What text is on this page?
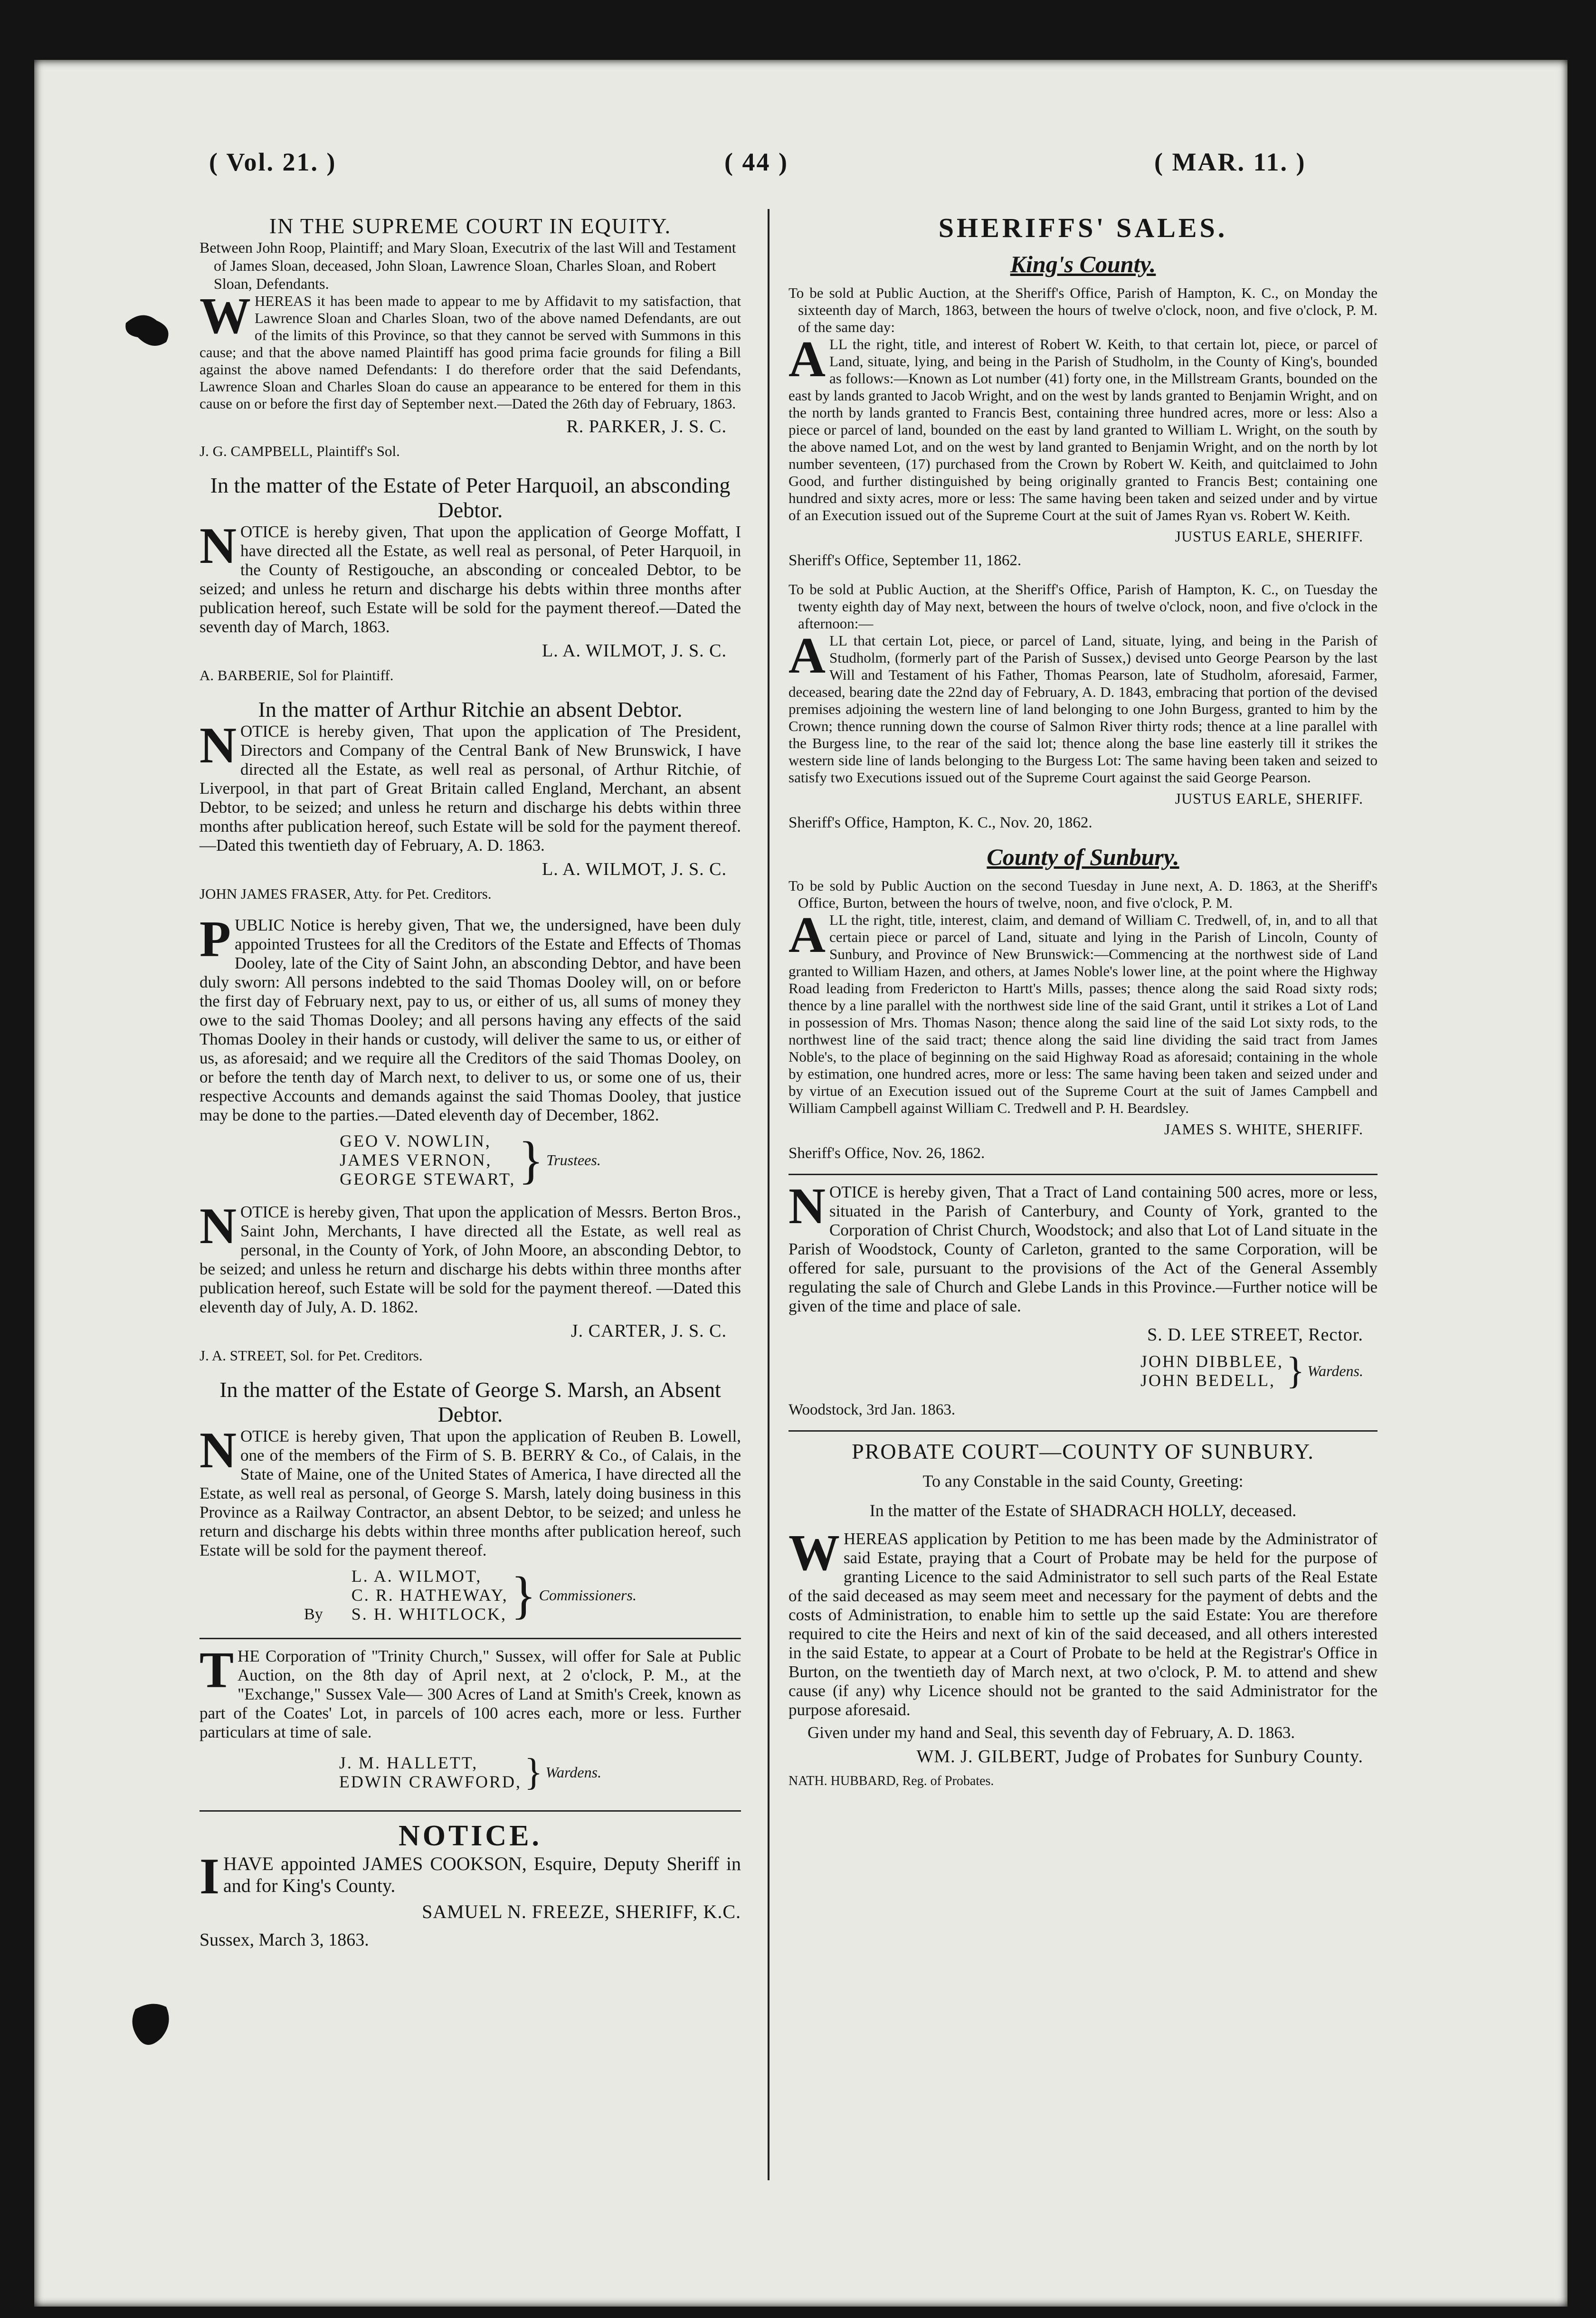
( Vol. 21. )	( 44 )	( MAR. 11. )
IN THE SUPREME COURT IN EQUITY.

Between John Roop, Plaintiff; and Mary Sloan, Executrix of the last Will and Testament of James Sloan, deceased, John Sloan, Lawrence Sloan, Charles Sloan, and Robert Sloan, Defendants.

WHEREAS it has been made to appear to me by Affidavit to my satisfaction, that Lawrence Sloan and Charles Sloan, two of the above named Defendants, are out of the limits of this Province, so that they cannot be served with Summons in this cause; and that the above named Plaintiff has good prima facie grounds for filing a Bill against the above named Defendants: I do therefore order that the said Defendants, Lawrence Sloan and Charles Sloan do cause an appearance to be entered for them in this cause on or before the first day of September next.—Dated the 26th day of February, 1863.
R. PARKER, J. S. C.
J. G. CAMPBELL, Plaintiff's Sol.
In the matter of the Estate of Peter Harquoil, an absconding Debtor.
NOTICE is hereby given, That upon the application of George Moffatt, I have directed all the Estate, as well real as personal, of Peter Harquoil, in the County of Restigouche, an absconding or concealed Debtor, to be seized; and unless he return and discharge his debts within three months after publication hereof, such Estate will be sold for the payment thereof.—Dated the seventh day of March, 1863.
L. A. WILMOT, J. S. C.
A. BARBERIE, Sol for Plaintiff.
In the matter of Arthur Ritchie an absent Debtor.
NOTICE is hereby given, That upon the application of The President, Directors and Company of the Central Bank of New Brunswick, I have directed all the Estate, as well real as personal, of Arthur Ritchie, of Liverpool, in that part of Great Britain called England, Merchant, an absent Debtor, to be seized; and unless he return and discharge his debts within three months after publication hereof, such Estate will be sold for the payment thereof.—Dated this twentieth day of February, A. D. 1863.
L. A. WILMOT, J. S. C.
JOHN JAMES FRASER, Atty. for Pet. Creditors.
PUBLIC Notice is hereby given, That we, the undersigned, have been duly appointed Trustees for all the Creditors of the Estate and Effects of Thomas Dooley, late of the City of Saint John, an absconding Debtor, and have been duly sworn: All persons indebted to the said Thomas Dooley will, on or before the first day of February next, pay to us, or either of us, all sums of money they owe to the said Thomas Dooley; and all persons having any effects of the said Thomas Dooley in their hands or custody, will deliver the same to us, or either of us, as aforesaid; and we require all the Creditors of the said Thomas Dooley, on or before the tenth day of March next, to deliver to us, or some one of us, their respective Accounts and demands against the said Thomas Dooley, that justice may be done to the parties.—Dated eleventh day of December, 1862.
GEO V. NOWLIN,
JAMES VERNON,
GEORGE STEWART, } Trustees.
NOTICE is hereby given, That upon the application of Messrs. Berton Bros., Saint John, Merchants, I have directed all the Estate, as well real as personal, in the County of York, of John Moore, an absconding Debtor, to be seized; and unless he return and discharge his debts within three months after publication hereof, such Estate will be sold for the payment thereof. —Dated this eleventh day of July, A. D. 1862.
J. CARTER, J. S. C.
J. A. STREET, Sol. for Pet. Creditors.
In the matter of the Estate of George S. Marsh, an Absent Debtor.
NOTICE is hereby given, That upon the application of Reuben B. Lowell, one of the members of the Firm of S. B. BERRY & Co., of Calais, in the State of Maine, one of the United States of America, I have directed all the Estate, as well real as personal, of George S. Marsh, lately doing business in this Province as a Railway Contractor, an absent Debtor, to be seized; and unless he return and discharge his debts within three months after publication hereof, such Estate will be sold for the payment thereof.
By
L. A. WILMOT,
C. R. HATHEWAY,
S. H. WHITLOCK, } Commissioners.
THE Corporation of "Trinity Church," Sussex, will offer for Sale at Public Auction, on the 8th day of April next, at 2 o'clock, P. M., at the "Exchange," Sussex Vale— 300 Acres of Land at Smith's Creek, known as part of the Coates' Lot, in parcels of 100 acres each, more or less. Further particulars at time of sale.
J. M. HALLETT,
EDWIN CRAWFORD, } Wardens.
NOTICE.
IHAVE appointed JAMES COOKSON, Esquire, Deputy Sheriff in and for King's County.
SAMUEL N. FREEZE, SHERIFF, K.C.
Sussex, March 3, 1863.
SHERIFFS' SALES.
King's County.

To be sold at Public Auction, at the Sheriff's Office, Parish of Hampton, K. C., on Monday the sixteenth day of March, 1863, between the hours of twelve o'clock, noon, and five o'clock, P. M. of the same day:

ALL the right, title, and interest of Robert W. Keith, to that certain lot, piece, or parcel of Land, situate, lying, and being in the Parish of Studholm, in the County of King's, bounded as follows:—Known as Lot number (41) forty one, in the Millstream Grants, bounded on the east by lands granted to Jacob Wright, and on the west by lands granted to Benjamin Wright, and on the north by lands granted to Francis Best, containing three hundred acres, more or less: Also a piece or parcel of land, bounded on the east by land granted to William L. Wright, on the south by the above named Lot, and on the west by land granted to Benjamin Wright, and on the north by lot number seventeen, (17) purchased from the Crown by Robert W. Keith, and quitclaimed to John Good, and further distinguished by being originally granted to Francis Best; containing one hundred and sixty acres, more or less: The same having been taken and seized under and by virtue of an Execution issued out of the Supreme Court at the suit of James Ryan vs. Robert W. Keith.
JUSTUS EARLE, SHERIFF.
Sheriff's Office, September 11, 1862.

To be sold at Public Auction, at the Sheriff's Office, Parish of Hampton, K. C., on Tuesday the twenty eighth day of May next, between the hours of twelve o'clock, noon, and five o'clock in the afternoon:—

ALL that certain Lot, piece, or parcel of Land, situate, lying, and being in the Parish of Studholm, (formerly part of the Parish of Sussex,) devised unto George Pearson by the last Will and Testament of his Father, Thomas Pearson, late of Studholm, aforesaid, Farmer, deceased, bearing date the 22nd day of February, A. D. 1843, embracing that portion of the devised premises adjoining the western line of land belonging to one John Burgess, granted to him by the Crown; thence running down the course of Salmon River thirty rods; thence at a line parallel with the Burgess line, to the rear of the said lot; thence along the base line easterly till it strikes the western side line of lands belonging to the Burgess Lot: The same having been taken and seized to satisfy two Executions issued out of the Supreme Court against the said George Pearson.
JUSTUS EARLE, SHERIFF.
Sheriff's Office, Hampton, K. C., Nov. 20, 1862.
County of Sunbury.

To be sold by Public Auction on the second Tuesday in June next, A. D. 1863, at the Sheriff's Office, Burton, between the hours of twelve, noon, and five o'clock, P. M.

ALL the right, title, interest, claim, and demand of William C. Tredwell, of, in, and to all that certain piece or parcel of Land, situate and lying in the Parish of Lincoln, County of Sunbury, and Province of New Brunswick:—Commencing at the northwest side of Land granted to William Hazen, and others, at James Noble's lower line, at the point where the Highway Road leading from Fredericton to Hartt's Mills, passes; thence along the said Road sixty rods; thence by a line parallel with the northwest side line of the said Grant, until it strikes a Lot of Land in possession of Mrs. Thomas Nason; thence along the said line of the said Lot sixty rods, to the northwest line of the said tract; thence along the said line dividing the said tract from James Noble's, to the place of beginning on the said Highway Road as aforesaid; containing in the whole by estimation, one hundred acres, more or less: The same having been taken and seized under and by virtue of an Execution issued out of the Supreme Court at the suit of James Campbell and William Campbell against William C. Tredwell and P. H. Beardsley.
JAMES S. WHITE, SHERIFF.
Sheriff's Office, Nov. 26, 1862.
NOTICE is hereby given, That a Tract of Land containing 500 acres, more or less, situated in the Parish of Canterbury, and County of York, granted to the Corporation of Christ Church, Woodstock; and also that Lot of Land situate in the Parish of Woodstock, County of Carleton, granted to the same Corporation, will be offered for sale, pursuant to the provisions of the Act of the General Assembly regulating the sale of Church and Glebe Lands in this Province.—Further notice will be given of the time and place of sale.
S. D. LEE STREET, Rector.
JOHN DIBBLEE,
JOHN BEDELL, } Wardens.
Woodstock, 3rd Jan. 1863.
PROBATE COURT—COUNTY OF SUNBURY.
To any Constable in the said County, Greeting:
In the matter of the Estate of SHADRACH HOLLY, deceased.
WHEREAS application by Petition to me has been made by the Administrator of said Estate, praying that a Court of Probate may be held for the purpose of granting Licence to the said Administrator to sell such parts of the Real Estate of the said deceased as may seem meet and necessary for the payment of debts and the costs of Administration, to enable him to settle up the said Estate: You are therefore required to cite the Heirs and next of kin of the said deceased, and all others interested in the said Estate, to appear at a Court of Probate to be held at the Registrar's Office in Burton, on the twentieth day of March next, at two o'clock, P. M. to attend and shew cause (if any) why Licence should not be granted to the said Administrator for the purpose aforesaid.

Given under my hand and Seal, this seventh day of February, A. D. 1863.

WM. J. GILBERT, Judge of Probates for Sunbury County.
NATH. HUBBARD, Reg. of Probates.
